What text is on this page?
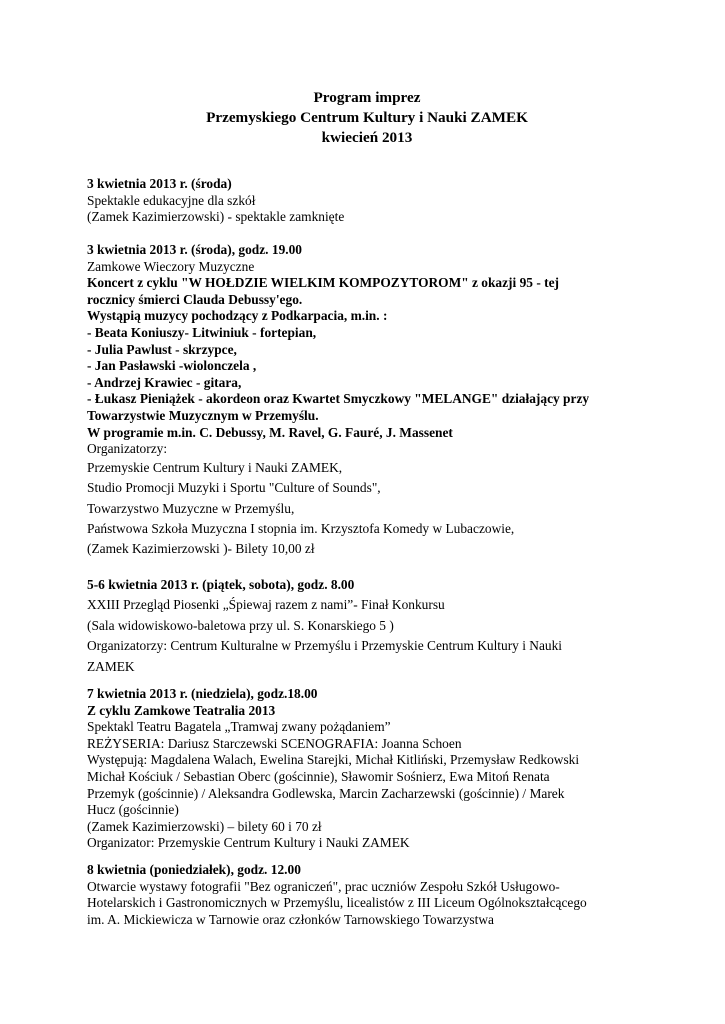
Program imprez
Przemyskiego Centrum Kultury i Nauki ZAMEK
kwiecień 2013
3 kwietnia 2013 r. (środa)
Spektakle edukacyjne dla szkół
(Zamek Kazimierzowski) - spektakle zamknięte
3 kwietnia 2013 r. (środa), godz. 19.00
Zamkowe Wieczory Muzyczne
Koncert z cyklu "W HOŁDZIE WIELKIM KOMPOZYTOROM" z okazji 95 - tej
rocznicy śmierci Clauda Debussy'ego.
Wystąpią muzycy pochodzący z Podkarpacia, m.in. :
- Beata Koniuszy- Litwiniuk - fortepian,
- Julia Pawlust - skrzypce,
- Jan Pasławski -wiolonczela ,
- Andrzej Krawiec - gitara,
- Łukasz Pieniążek - akordeon oraz Kwartet Smyczkowy "MELANGE" działający przy
Towarzystwie Muzycznym w Przemyślu.
W programie m.in. C. Debussy, M. Ravel, G. Fauré, J. Massenet
Organizatorzy:
Przemyskie Centrum Kultury i Nauki ZAMEK,
Studio Promocji Muzyki i Sportu "Culture of Sounds",
Towarzystwo Muzyczne w Przemyślu,
Państwowa Szkoła Muzyczna I stopnia im. Krzysztofa Komedy w Lubaczowie,
(Zamek Kazimierzowski )- Bilety 10,00 zł
5-6 kwietnia 2013 r. (piątek, sobota), godz. 8.00
XXIII Przegląd Piosenki „Śpiewaj razem z nami”- Finał Konkursu
(Sala widowiskowo-baletowa przy ul. S. Konarskiego 5 )
Organizatorzy: Centrum Kulturalne w Przemyślu i Przemyskie Centrum Kultury i Nauki
ZAMEK
7 kwietnia 2013 r. (niedziela), godz.18.00
Z cyklu Zamkowe Teatralia 2013
Spektakl Teatru Bagatela „Tramwaj zwany pożądaniem”
REŻYSERIA: Dariusz Starczewski SCENOGRAFIA: Joanna Schoen
Występują: Magdalena Walach, Ewelina Starejki, Michał Kitliński, Przemysław Redkowski
Michał Kościuk / Sebastian Oberc (gościnnie), Sławomir Sośnierz, Ewa Mitoń Renata
Przemyk (gościnnie) / Aleksandra Godlewska, Marcin Zacharzewski (gościnnie) / Marek
Hucz (gościnnie)
(Zamek Kazimierzowski) – bilety 60 i 70 zł
Organizator: Przemyskie Centrum Kultury i Nauki ZAMEK
8 kwietnia (poniedziałek), godz. 12.00
Otwarcie wystawy fotografii "Bez ograniczeń", prac uczniów Zespołu Szkół Usługowo-
Hotelarskich i Gastronomicznych w Przemyślu, licealistów z III Liceum Ogólnokształcącego
im. A. Mickiewicza w Tarnowie oraz członków Tarnowskiego Towarzystwa
